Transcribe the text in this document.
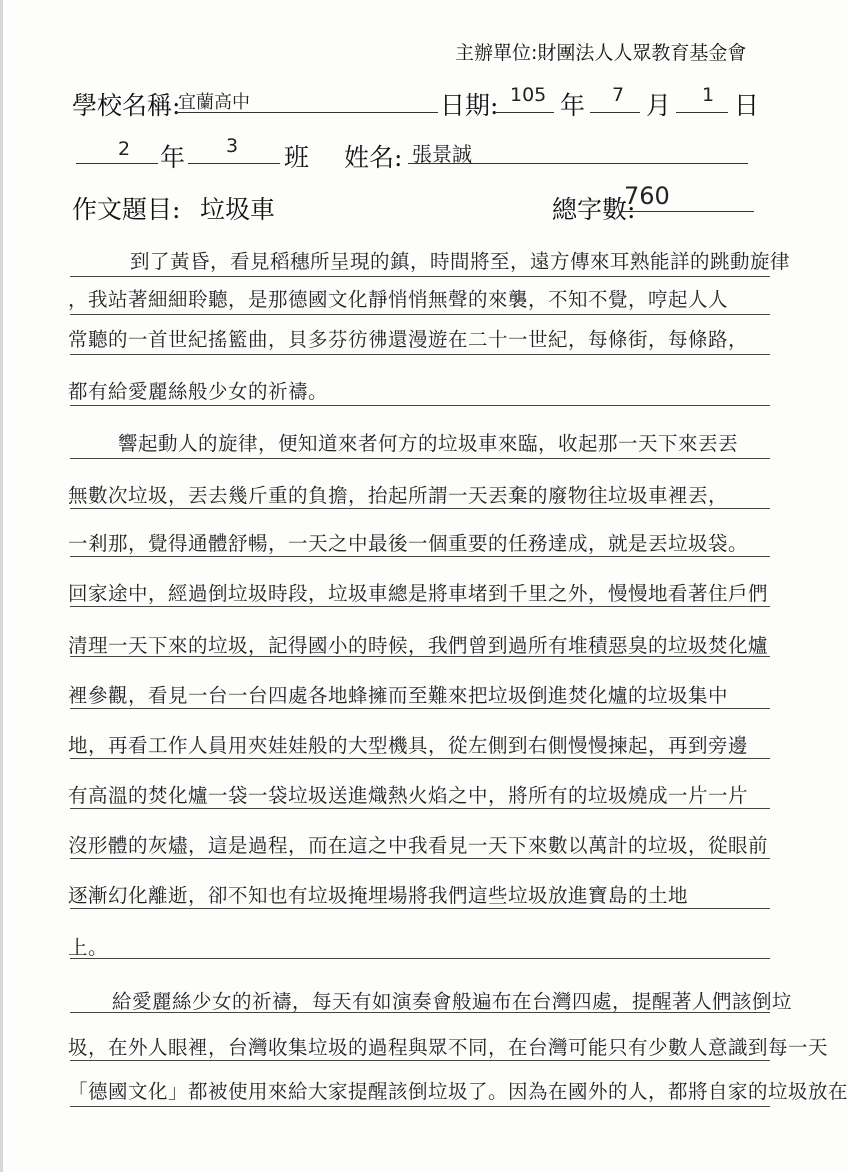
主辦單位:財團法人人眾教育基金會
學校名稱:
宜蘭高中	日期: 105 年 7 月 1 日
2 年 3 班 姓名: 張景誠
作文題目: 垃圾車	總字數:
760
到了黃昏，看見稻穗所呈現的鎮，時間將至，遠方傳來耳熟能詳的跳動旋律
，我站著細細聆聽，是那德國文化靜悄悄無聲的來襲，不知不覺，哼起人人
常聽的一首世紀搖籃曲，貝多芬彷彿還漫遊在二十一世紀，每條街，每條路，
都有給愛麗絲般少女的祈禱。
響起動人的旋律，便知道來者何方的垃圾車來臨，收起那一天下來丟丟
無數次垃圾，丟去幾斤重的負擔，抬起所謂一天丟棄的廢物往垃圾車裡丟，
一剎那，覺得通體舒暢，一天之中最後一個重要的任務達成，就是丟垃圾袋。
回家途中，經過倒垃圾時段，垃圾車總是將車堵到千里之外，慢慢地看著住戶們
清理一天下來的垃圾，記得國小的時候，我們曾到過所有堆積惡臭的垃圾焚化爐
裡參觀，看見一台一台四處各地蜂擁而至難來把垃圾倒進焚化爐的垃圾集中
地，再看工作人員用夾娃娃般的大型機具，從左側到右側慢慢揀起，再到旁邊
有高溫的焚化爐一袋一袋垃圾送進熾熱火焰之中，將所有的垃圾燒成一片一片
沒形體的灰燼，這是過程，而在這之中我看見一天下來數以萬計的垃圾，從眼前
逐漸幻化離逝，卻不知也有垃圾掩埋場將我們這些垃圾放進寶島的土地
上。
給愛麗絲少女的祈禱，每天有如演奏會般遍布在台灣四處，提醒著人們該倒垃
圾，在外人眼裡，台灣收集垃圾的過程與眾不同，在台灣可能只有少數人意識到每一天
「德國文化」都被使用來給大家提醒該倒垃圾了。因為在國外的人，都將自家的垃圾放在
